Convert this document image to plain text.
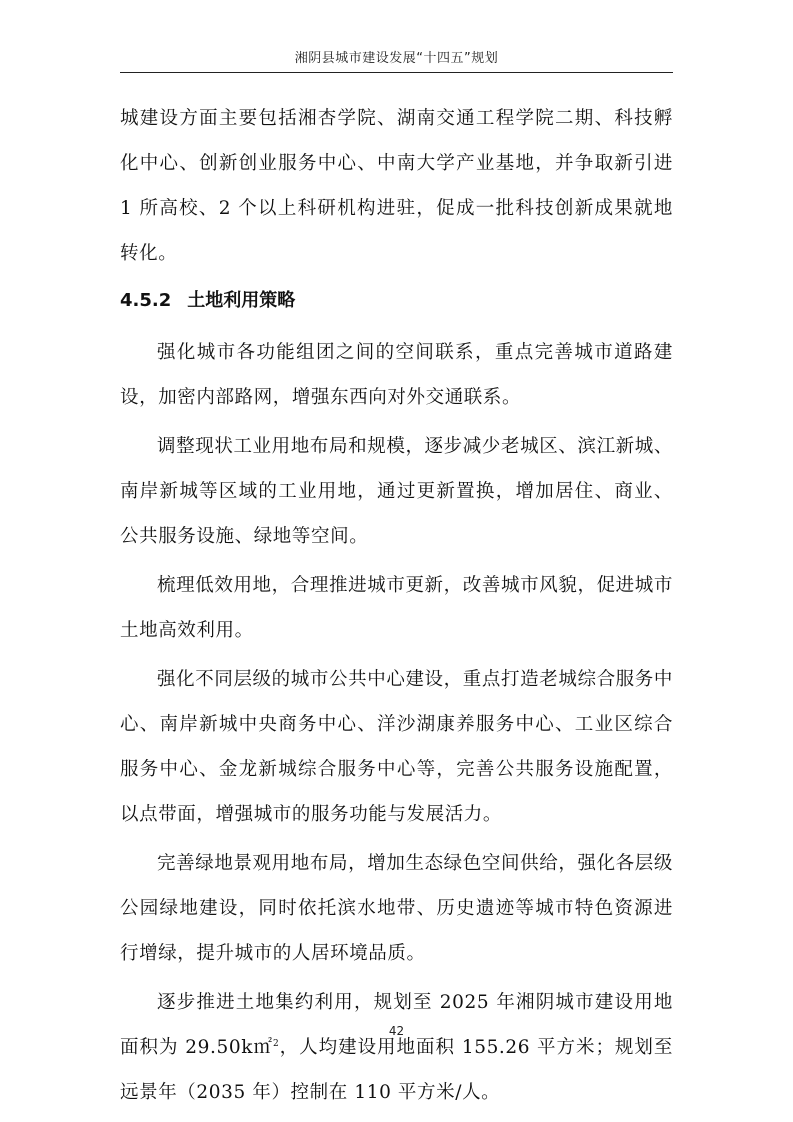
湘阴县城市建设发展“十四五”规划

城建设方面主要包括湘杏学院、湖南交通工程学院二期、科技孵化中心、创新创业服务中心、中南大学产业基地，并争取新引进 1 所高校、2 个以上科研机构进驻，促成一批科技创新成果就地转化。

4.5.2 土地利用策略

强化城市各功能组团之间的空间联系，重点完善城市道路建设，加密内部路网，增强东西向对外交通联系。

调整现状工业用地布局和规模，逐步减少老城区、滨江新城、南岸新城等区域的工业用地，通过更新置换，增加居住、商业、公共服务设施、绿地等空间。

梳理低效用地，合理推进城市更新，改善城市风貌，促进城市土地高效利用。

强化不同层级的城市公共中心建设，重点打造老城综合服务中心、南岸新城中央商务中心、洋沙湖康养服务中心、工业区综合服务中心、金龙新城综合服务中心等，完善公共服务设施配置，以点带面，增强城市的服务功能与发展活力。

完善绿地景观用地布局，增加生态绿色空间供给，强化各层级公园绿地建设，同时依托滨水地带、历史遗迹等城市特色资源进行增绿，提升城市的人居环境品质。

逐步推进土地集约利用，规划至 2025 年湘阴城市建设用地面积为 29.50k㎡$^2$，人均建设用地面积 155.26 平方米；规划至远景年（2035 年）控制在 110 平方米/人。

42
